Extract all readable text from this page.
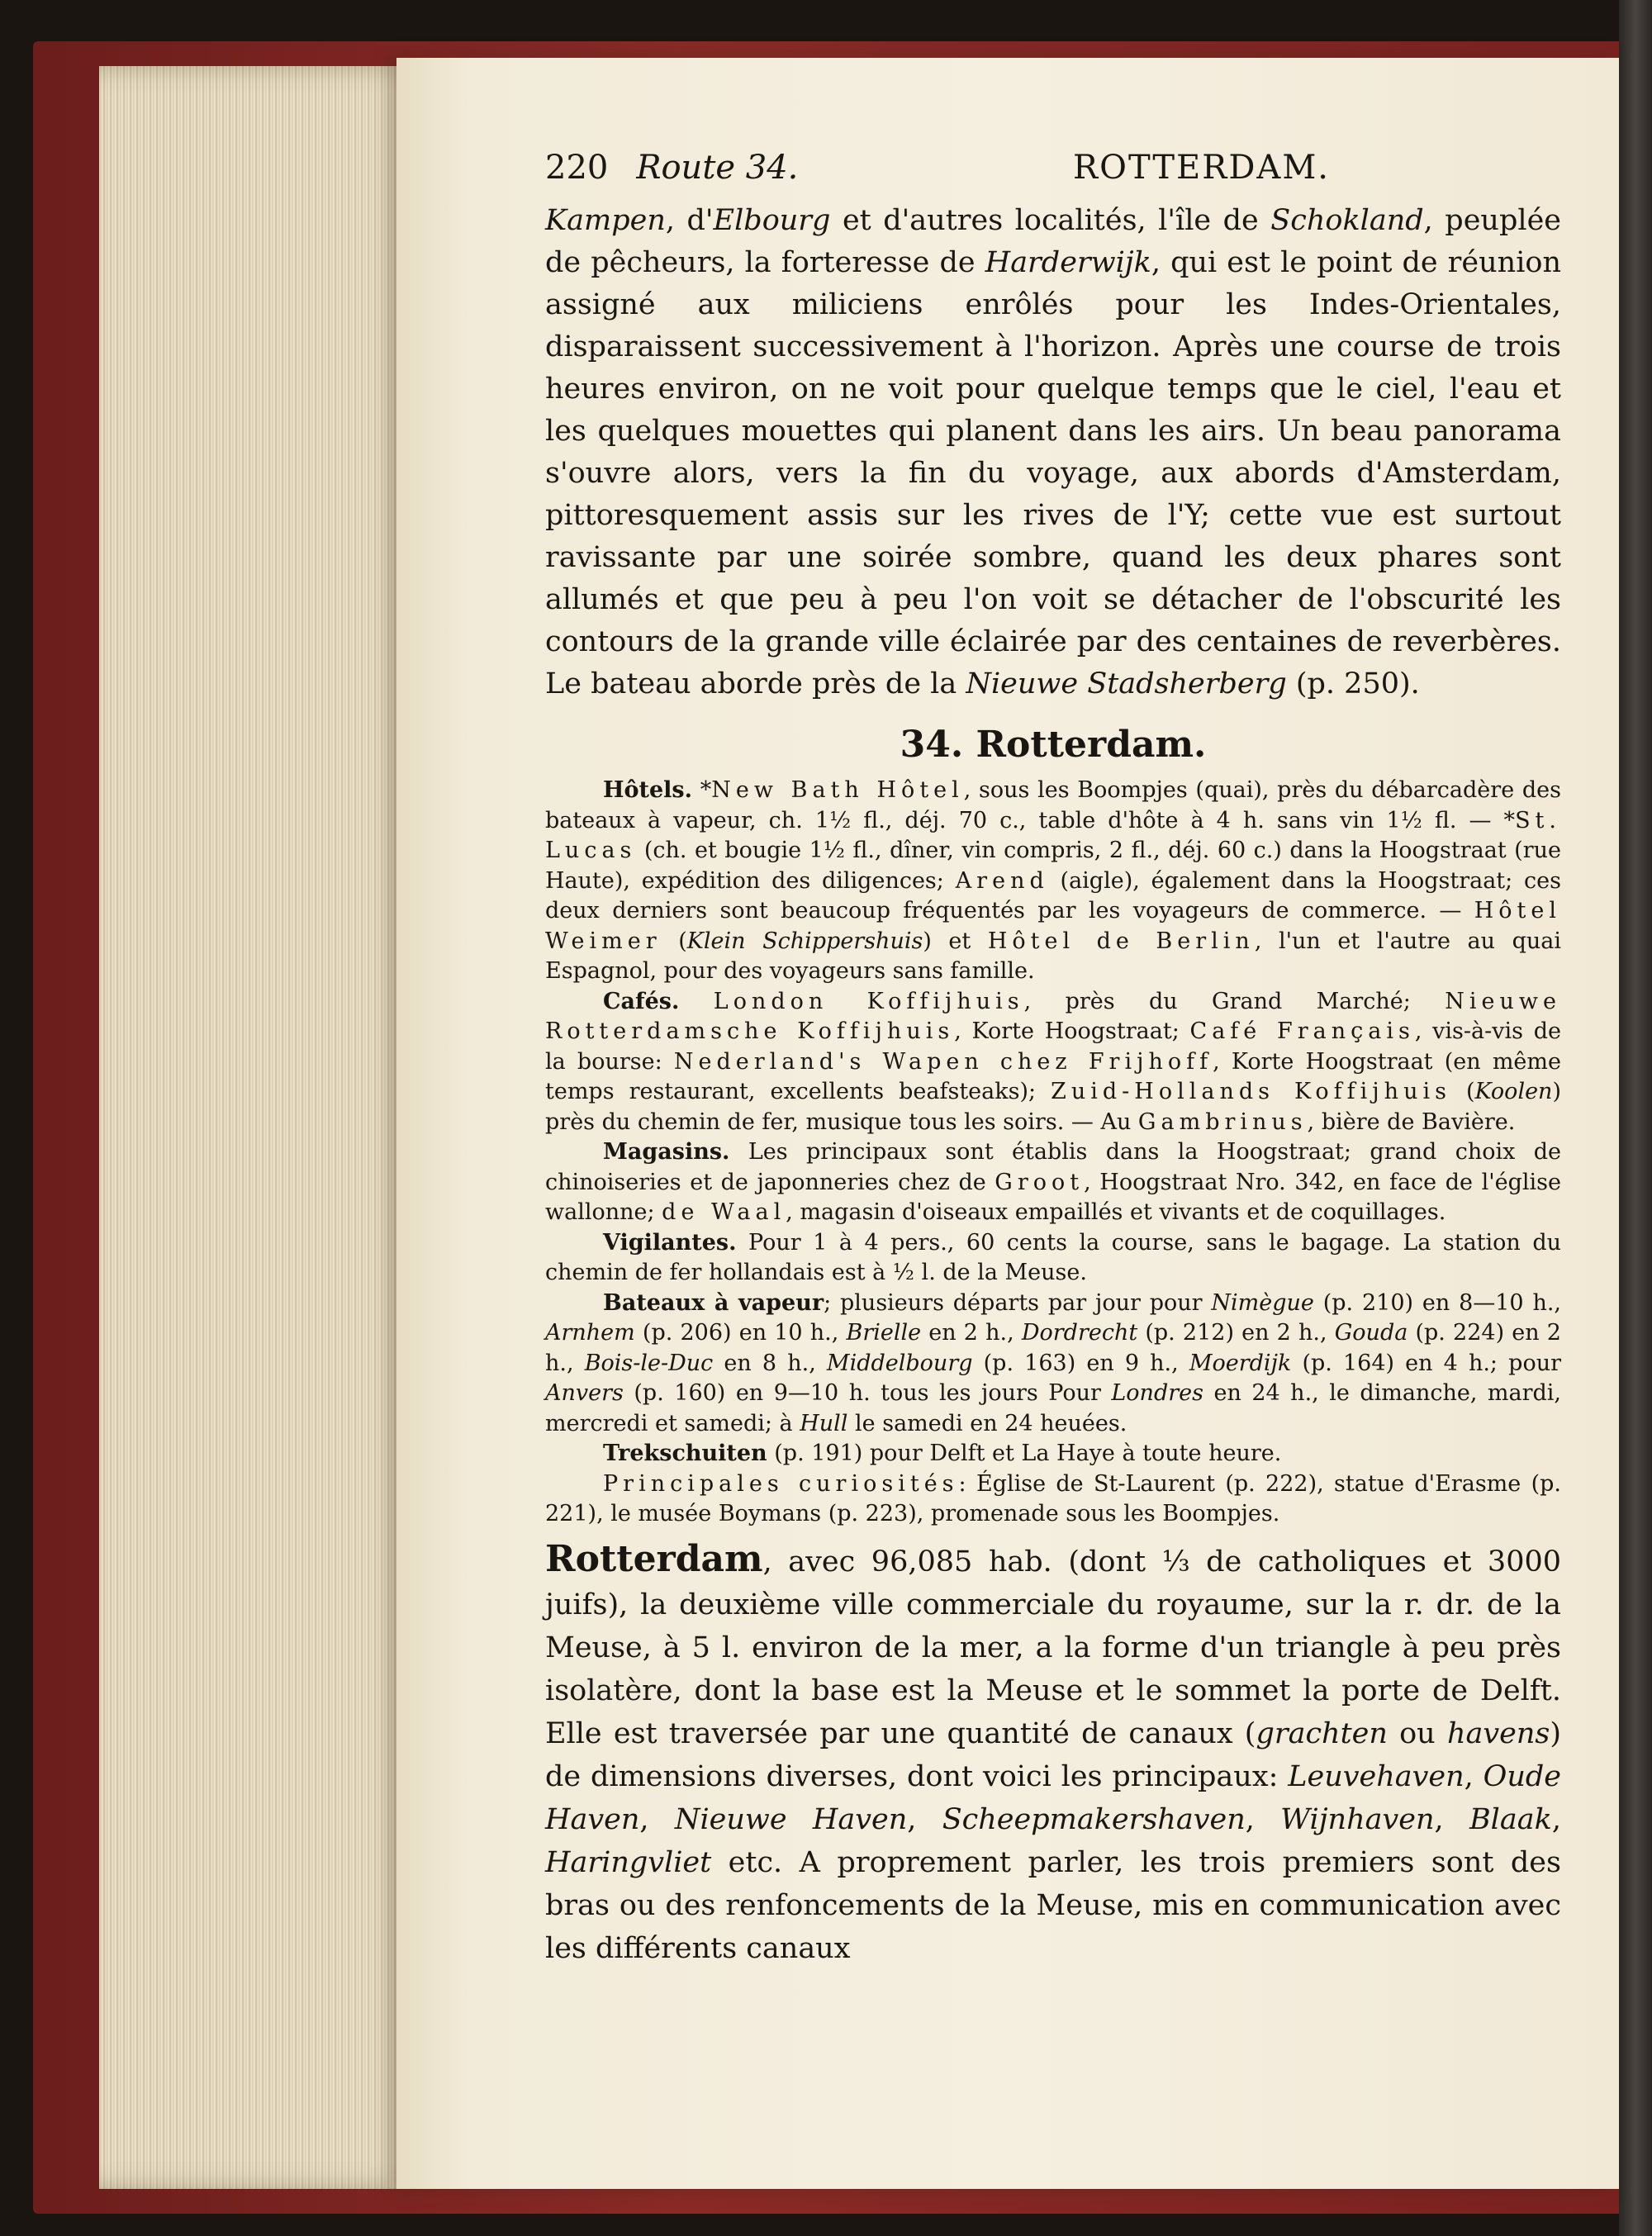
220 Route 34.	ROTTERDAM.

Kampen, d'Elbourg et d'autres localités, l'île de Schokland, peuplée de pêcheurs, la forteresse de Harderwijk, qui est le point de réunion assigné aux miliciens enrôlés pour les Indes-Orientales, disparaissent successivement à l'horizon. Après une course de trois heures environ, on ne voit pour quelque temps que le ciel, l'eau et les quelques mouettes qui planent dans les airs. Un beau panorama s'ouvre alors, vers la fin du voyage, aux abords d'Amsterdam, pittoresquement assis sur les rives de l'Y; cette vue est surtout ravissante par une soirée sombre, quand les deux phares sont allumés et que peu à peu l'on voit se détacher de l'obscurité les contours de la grande ville éclairée par des centaines de reverbères. Le bateau aborde près de la Nieuwe Stadsherberg (p. 250).

34. Rotterdam.

Hôtels. *New Bath Hôtel, sous les Boompjes (quai), près du débarcadère des bateaux à vapeur, ch. 1½ fl., déj. 70 c., table d'hôte à 4 h. sans vin 1½ fl. — *St. Lucas (ch. et bougie 1½ fl., dîner, vin compris, 2 fl., déj. 60 c.) dans la Hoogstraat (rue Haute), expédition des diligences; Arend (aigle), également dans la Hoogstraat; ces deux derniers sont beaucoup fréquentés par les voyageurs de commerce. — Hôtel Weimer (Klein Schippershuis) et Hôtel de Berlin, l'un et l'autre au quai Espagnol, pour des voyageurs sans famille.

Cafés. London Koffijhuis, près du Grand Marché; Nieuwe Rotterdamsche Koffijhuis, Korte Hoogstraat; Café Français, vis-à-vis de la bourse: Nederland's Wapen chez Frijhoff, Korte Hoogstraat (en même temps restaurant, excellents beafsteaks); Zuid-Hollands Koffijhuis (Koolen) près du chemin de fer, musique tous les soirs. — Au Gambrinus, bière de Bavière.

Magasins. Les principaux sont établis dans la Hoogstraat; grand choix de chinoiseries et de japonneries chez de Groot, Hoogstraat Nro. 342, en face de l'église wallonne; de Waal, magasin d'oiseaux empaillés et vivants et de coquillages.

Vigilantes. Pour 1 à 4 pers., 60 cents la course, sans le bagage. La station du chemin de fer hollandais est à ½ l. de la Meuse.

Bateaux à vapeur; plusieurs départs par jour pour Nimègue (p. 210) en 8—10 h., Arnhem (p. 206) en 10 h., Brielle en 2 h., Dordrecht (p. 212) en 2 h., Gouda (p. 224) en 2 h., Bois-le-Duc en 8 h., Middelbourg (p. 163) en 9 h., Moerdijk (p. 164) en 4 h.; pour Anvers (p. 160) en 9—10 h. tous les jours Pour Londres en 24 h., le dimanche, mardi, mercredi et samedi; à Hull le samedi en 24 heuées.

Trekschuiten (p. 191) pour Delft et La Haye à toute heure.

Principales curiosités: Église de St-Laurent (p. 222), statue d'Erasme (p. 221), le musée Boymans (p. 223), promenade sous les Boompjes.

Rotterdam, avec 96,085 hab. (dont ⅓ de catholiques et 3000 juifs), la deuxième ville commerciale du royaume, sur la r. dr. de la Meuse, à 5 l. environ de la mer, a la forme d'un triangle à peu près isolatère, dont la base est la Meuse et le sommet la porte de Delft. Elle est traversée par une quantité de canaux (grachten ou havens) de dimensions diverses, dont voici les principaux: Leuvehaven, Oude Haven, Nieuwe Haven, Scheepmakershaven, Wijnhaven, Blaak, Haringvliet etc. A proprement parler, les trois premiers sont des bras ou des renfoncements de la Meuse, mis en communication avec les différents canaux
